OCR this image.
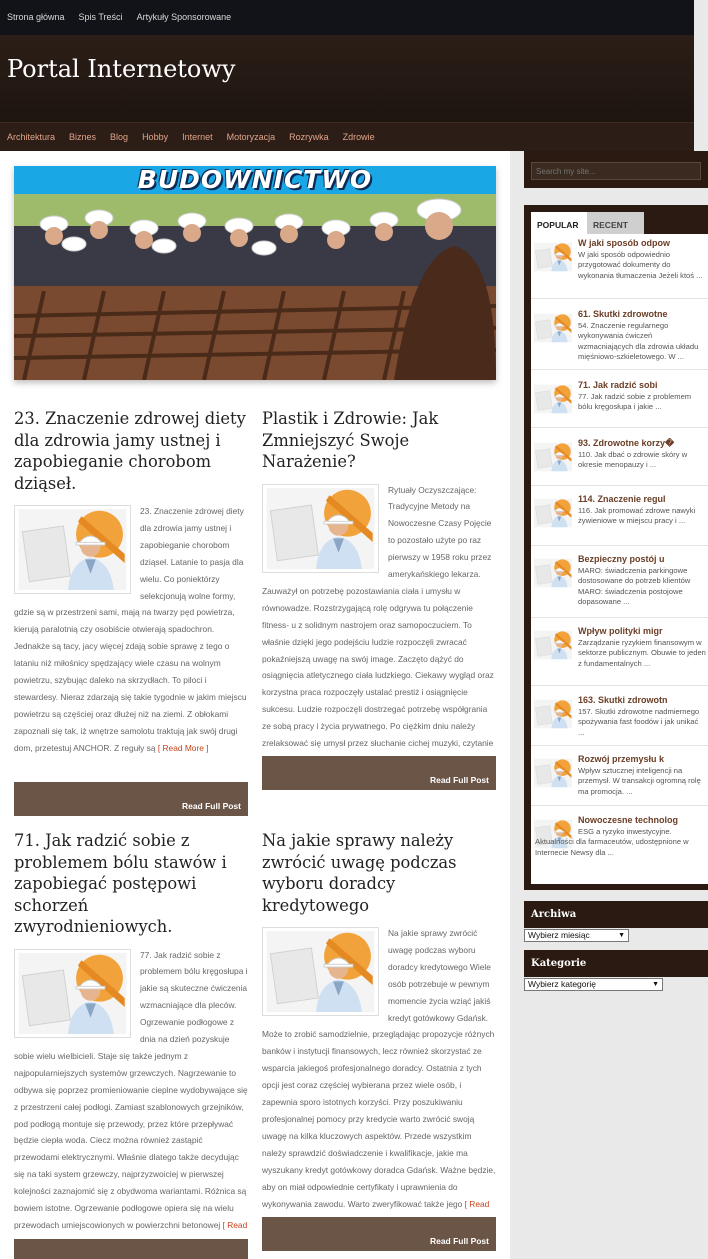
Strona główna Spis Treści Artykuły Sponsorowane
Portal Internetowy
Architektura Biznes Blog Hobby Internet Motoryzacja Rozrywka Zdrowie
BUDOWNICTWO
23. Znaczenie zdrowej diety dla zdrowia jamy ustnej i zapobieganie chorobom dziąseł.
23. Znaczenie zdrowej diety dla zdrowia jamy ustnej i zapobieganie chorobom dziąseł. Latanie to pasja dla wielu. Co poniektórzy selekcjonują wolne formy, gdzie są w przestrzeni sami, mają na twarzy pęd powietrza, kierują paralotnią czy osobiście otwierają spadochron. Jednakże są tacy, jacy więcej zdają sobie sprawę z tego o lataniu niż miłośnicy spędzający wiele czasu na wolnym powietrzu, szybując daleko na skrzydłach. To piloci i stewardesy. Nieraz zdarzają się takie tygodnie w jakim miejscu powietrzu są częściej oraz dłużej niż na ziemi. Z obłokami zapoznali się tak, iż wnętrze samolotu traktują jak swój drugi dom, przetestuj ANCHOR. Z reguły są [ Read More ]
Read Full Post
Plastik i Zdrowie: Jak Zmniejszyć Swoje Narażenie?
Rytuały Oczyszczające: Tradycyjne Metody na Nowoczesne Czasy Pojęcie to pozostało użyte po raz pierwszy w 1958 roku przez amerykańskiego lekarza. Zauważył on potrzebę pozostawiania ciała i umysłu w równowadze. Rozstrzygającą rolę odgrywa tu połączenie fitness- u z solidnym nastrojem oraz samopoczuciem. To właśnie dzięki jego podejściu ludzie rozpoczęli zwracać pokaźniejszą uwagę na swój image. Zaczęto dążyć do osiągnięcia atletycznego ciała ludzkiego. Ciekawy wygląd oraz korzystna praca rozpoczęły ustalać prestiż i osiągnięcie sukcesu. Ludzie rozpoczęli dostrzegać potrzebę współgrania ze sobą pracy i życia prywatnego. Po ciężkim dniu należy zrelaksować się umysł przez słuchanie cichej muzyki, czytanie
Read Full Post
71. Jak radzić sobie z problemem bólu stawów i zapobiegać postępowi schorzeń zwyrodnieniowych.
77. Jak radzić sobie z problemem bólu kręgosłupa i jakie są skuteczne ćwiczenia wzmacniające dla pleców. Ogrzewanie podłogowe z dnia na dzień pozyskuje sobie wielu wielbicieli. Staje się także jednym z najpopularniejszych systemów grzewczych. Nagrzewanie to odbywa się poprzez promieniowanie cieplne wydobywające się z przestrzeni całej podłogi. Zamiast szablonowych grzejników, pod podłogą montuje się przewody, przez które przepływać będzie ciepła woda. Ciecz można również zastąpić przewodami elektrycznymi. Właśnie dlatego także decydując się na taki system grzewczy, najprzyzwoiciej w pierwszej kolejności zaznajomić się z obydwoma wariantami. Różnica są bowiem istotne. Ogrzewanie podłogowe opiera się na wielu przewodach umiejscowionych w powierzchni betonowej [ Read
Na jakie sprawy należy zwrócić uwagę podczas wyboru doradcy kredytowego
Na jakie sprawy zwrócić uwagę podczas wyboru doradcy kredytowego Wiele osób potrzebuje w pewnym momencie życia wziąć jakiś kredyt gotówkowy Gdańsk. Może to zrobić samodzielnie, przeglądając propozycje różnych banków i instytucji finansowych, lecz również skorzystać ze wsparcia jakiegoś profesjonalnego doradcy. Ostatnia z tych opcji jest coraz częściej wybierana przez wiele osób, i zapewnia sporo istotnych korzyści. Przy poszukiwaniu profesjonalnej pomocy przy kredycie warto zwrócić swoją uwagę na kilka kluczowych aspektów. Przede wszystkim należy sprawdzić doświadczenie i kwalifikacje, jakie ma wyszukany kredyt gotówkowy doradca Gdańsk. Ważne będzie, aby on miał odpowiednie certyfikaty i uprawnienia do wykonywania zawodu. Warto zweryfikować także jego [ Read
Read Full Post
Search my site...
POPULAR	RECENT
W jaki sposób odpow
W jaki sposób odpowiednio przygotować dokumenty do wykonania tłumaczenia Jeżeli ktoś ...
61. Skutki zdrowotne
54. Znaczenie regularnego wykonywania ćwiczeń wzmacniających dla zdrowia układu mięśniowo-szkieletowego. W ...
71. Jak radzić sobi
77. Jak radzić sobie z problemem bólu kręgosłupa i jakie ...
93. Zdrowotne korzy�
110. Jak dbać o zdrowie skóry w okresie menopauzy i ...
114. Znaczenie regul
116. Jak promować zdrowe nawyki żywieniowe w miejscu pracy i ...
Bezpieczny postój u
MARO: świadczenia parkingowe dostosowane do potrzeb klientów MARO: świadczenia postojowe dopasowane ...
Wpływ polityki migr
Zarządzanie ryzykiem finansowym w sektorze publicznym. Obuwie to jeden z fundamentalnych ...
163. Skutki zdrowotn
157. Skutki zdrowotne nadmiernego spożywania fast foodów i jak unikać ...
Rozwój przemysłu k
Wpływ sztucznej inteligencji na przemysł. W transakcji ogromną rolę ma promocja. ...
Nowoczesne technolog
ESG a ryzyko inwestycyjne. Aktualności dla farmaceutów, udostępnione w Internecie Newsy dla ...
Archiwa
Wybierz miesiąc	▼
Kategorie
Wybierz kategorię	▼
